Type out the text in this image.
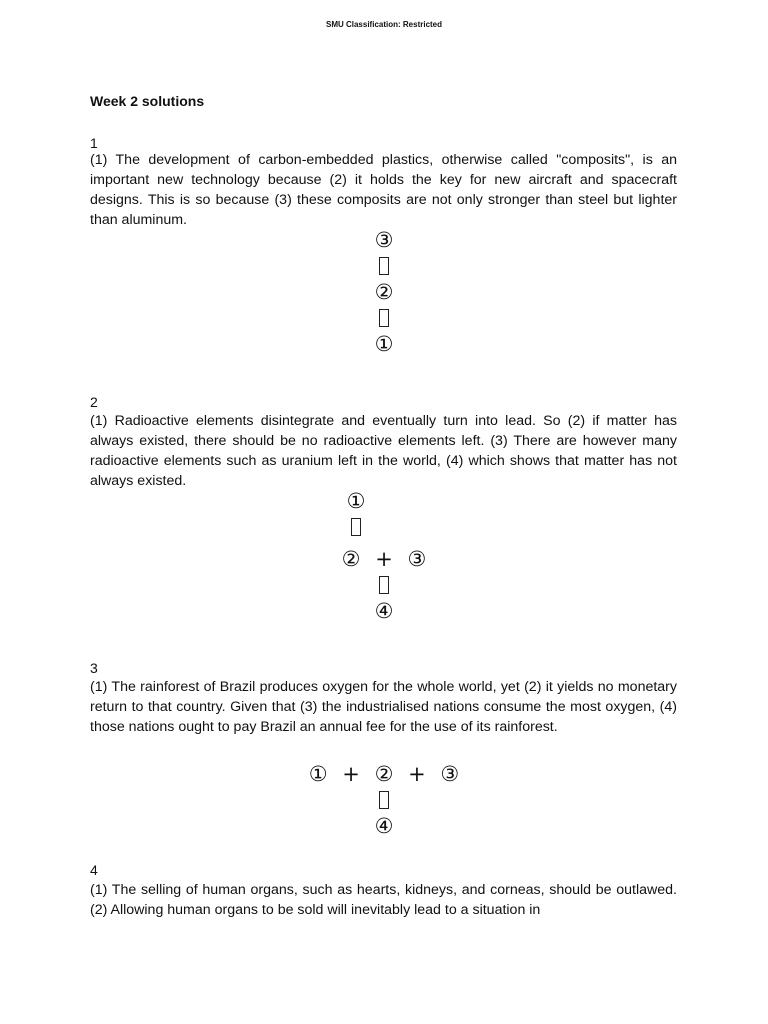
SMU Classification: Restricted
Week 2 solutions
1

(1) The development of carbon-embedded plastics, otherwise called "composits", is an important new technology because (2) it holds the key for new aircraft and spacecraft designs. This is so because (3) these composits are not only stronger than steel but lighter than aluminum.

③
②
①
2

(1) Radioactive elements disintegrate and eventually turn into lead. So (2) if matter has always existed, there should be no radioactive elements left. (3) There are however many radioactive elements such as uranium left in the world, (4) which shows that matter has not always existed.

①
② + ③
④
3

(1) The rainforest of Brazil produces oxygen for the whole world, yet (2) it yields no monetary return to that country. Given that (3) the industrialised nations consume the most oxygen, (4) those nations ought to pay Brazil an annual fee for the use of its rainforest.

① + ② + ③
④
4

(1) The selling of human organs, such as hearts, kidneys, and corneas, should be outlawed. (2) Allowing human organs to be sold will inevitably lead to a situation in
